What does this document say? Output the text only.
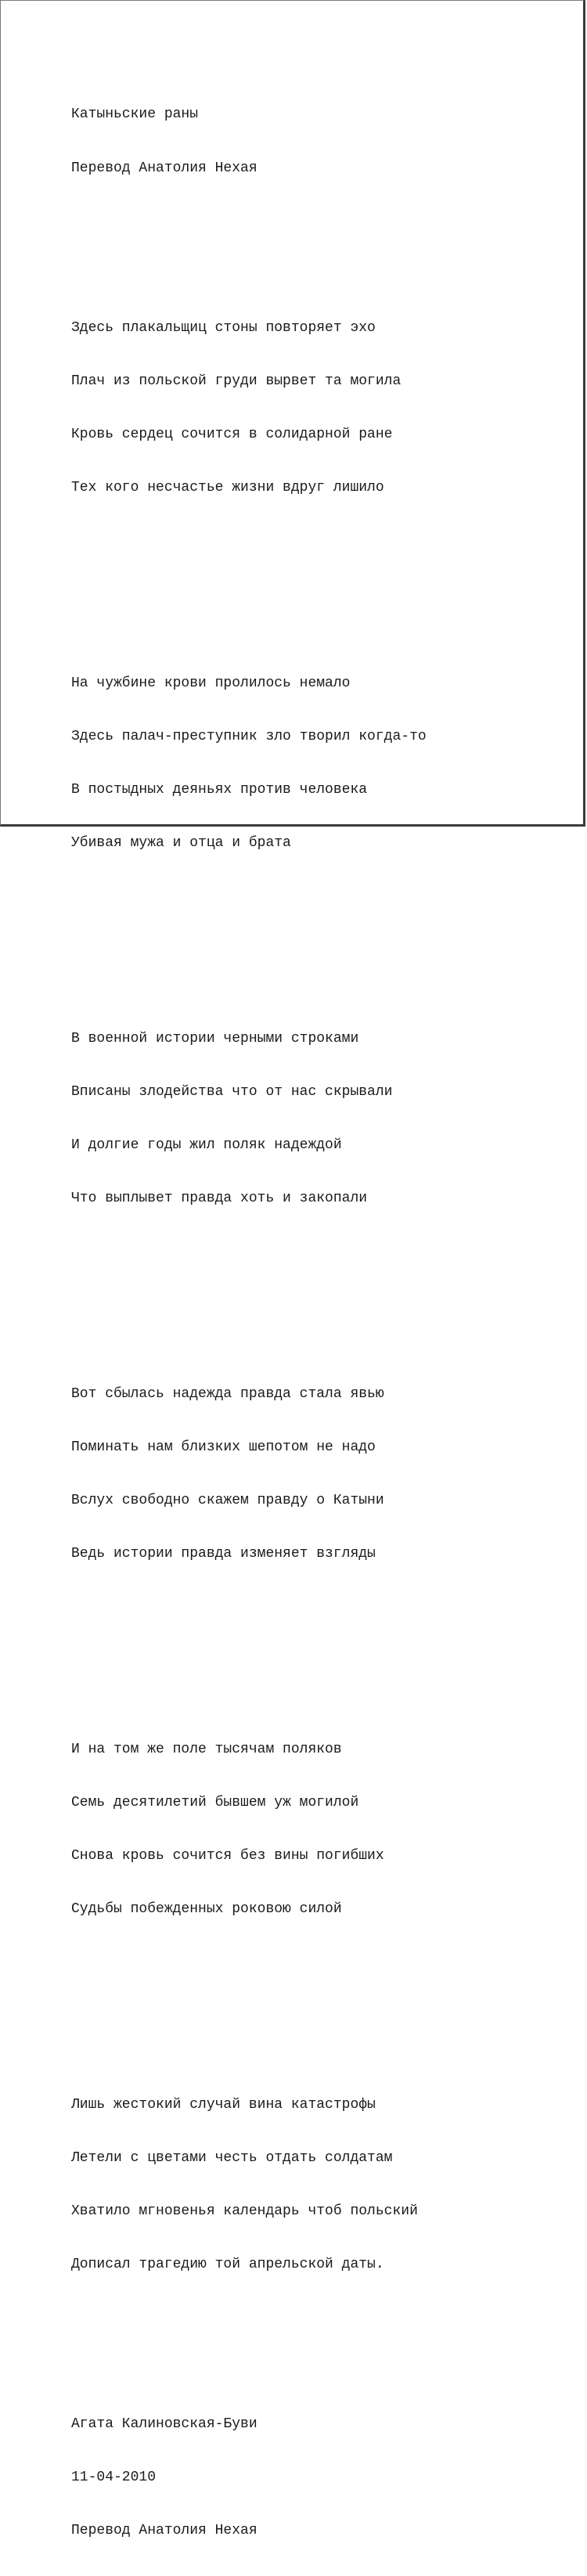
Катыньские раны

Перевод Анатолия Нехая

Здесь плакальщиц стоны повторяет эхо

Плач из польской груди вырвет та могила

Кровь сердец сочится в солидарной ране

Тех кого несчастье жизни вдруг лишило

На чужбине крови пролилось немало

Здесь палач-преступник зло творил когда-то

В постыдных деяньях против человека

Убивая мужа и отца и брата

В военной истории черными строками

Вписаны злодейства что от нас скрывали

И долгие годы жил поляк надеждой

Что выплывет правда хоть и закопали

Вот сбылась надежда правда стала явью

Поминать нам близких шепотом не надо

Вслух свободно скажем правду о Катыни

Ведь истории правда изменяет взгляды

И на том же поле тысячам поляков

Семь десятилетий бывшем уж могилой

Снова кровь сочится без вины погибших

Судьбы побежденных роковою силой

Лишь жестокий случай вина катастрофы

Летели с цветами честь отдать солдатам

Хватило мгновенья календарь чтоб польский

Дописал трагедию той апрельской даты.

Агата Калиновская-Буви

11-04-2010

Перевод Анатолия Нехая
